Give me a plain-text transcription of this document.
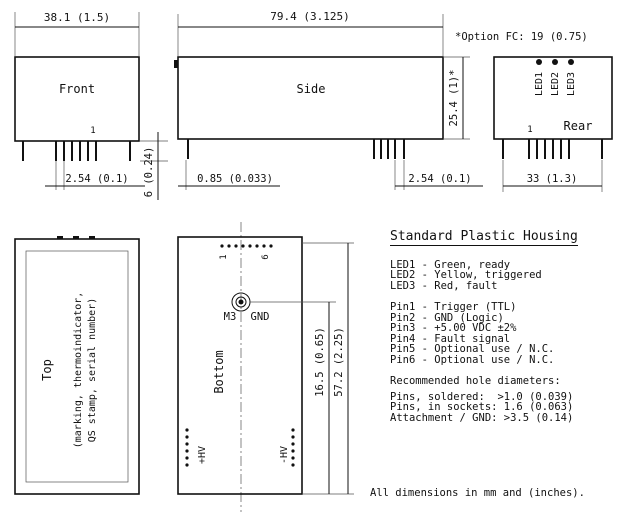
38.1 (1.5)
Front
1
2.54 (0.1) 6 (0.24)
79.4 (3.125)
Side
0.85 (0.033)	2.54 (0.1)
25.4 (1)*
*Option FC: 19 (0.75)
LED1 LED2 LED3
1	Rear
33 (1.3)
Top (marking, thermoindicator, QS stamp, serial number)
1	6
M3 GND
Bottom
+HV	-HV
16.5 (0.65) 57.2 (2.25)
Standard Plastic Housing
LED1 - Green, ready
LED2 - Yellow, triggered
LED3 - Red, fault
Pin1 - Trigger (TTL)
Pin2 - GND (Logic)
Pin3 - +5.00 VDC ±2%
Pin4 - Fault signal
Pin5 - Optional use / N.C.
Pin6 - Optional use / N.C.
Recommended hole diameters:
Pins, soldered:  >1.0 (0.039)
Pins, in sockets: 1.6 (0.063)
Attachment / GND: >3.5 (0.14)
All dimensions in mm and (inches).
